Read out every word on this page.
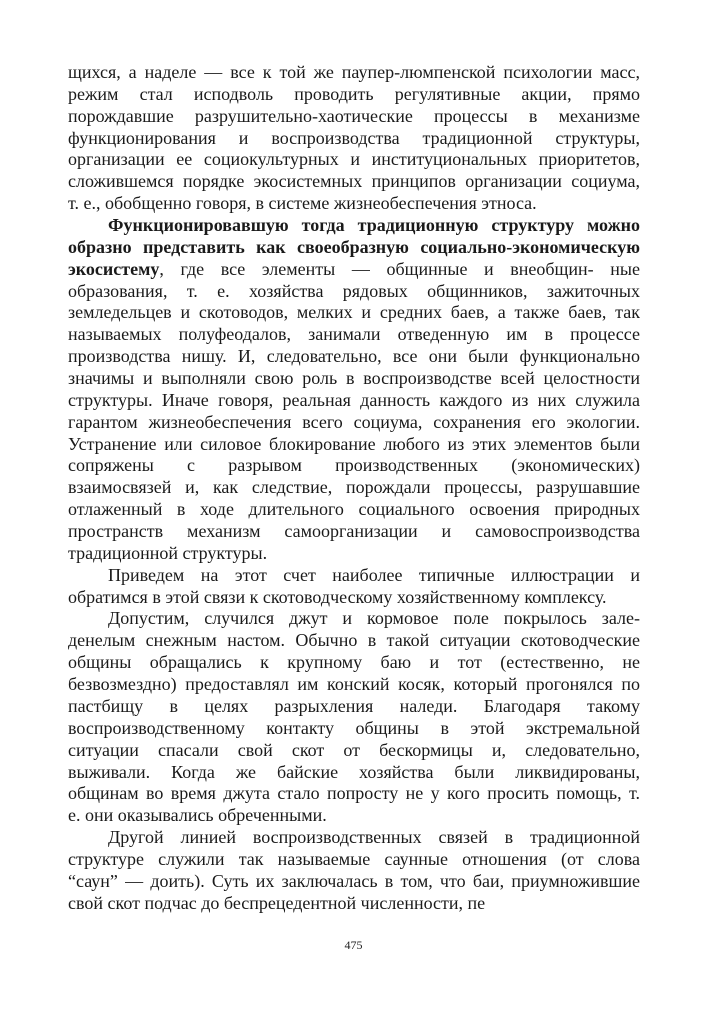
щихся, а наделе — все к той же паупер-люмпенской психологии масс,
режим стал исподволь проводить регулятивные акции, прямо
порождавшие разрушительно-хаотические процессы в механизме
функционирования и воспроизводства традиционной структуры,
организации ее социокультурных и институциональных приоритетов,
сложившемся порядке экосистемных принципов организации социума,
т. е., обобщенно говоря, в системе жизнеобеспечения этноса.
Функционировавшую тогда традиционную структуру можно
образно представить как своеобразную социально-экономическую
экосистему, где все элементы — общинные и внеобщин- ные
образования, т. е. хозяйства рядовых общинников, зажиточных
земледельцев и скотоводов, мелких и средних баев, а также баев, так
называемых полуфеодалов, занимали отведенную им в процессе
производства нишу. И, следовательно, все они были функционально
значимы и выполняли свою роль в воспроизводстве всей целостности
структуры. Иначе говоря, реальная данность каждого из них служила
гарантом жизнеобеспечения всего социума, сохранения его экологии.
Устранение или силовое блокирование любого из этих элементов были
сопряжены с разрывом производственных (экономических)
взаимосвязей и, как следствие, порождали процессы, разрушавшие
отлаженный в ходе длительного социального освоения природных
пространств механизм самоорганизации и самовоспроизводства
традиционной структуры.
Приведем на этот счет наиболее типичные иллюстрации и
обратимся в этой связи к скотоводческому хозяйственному комплексу.
Допустим, случился джут и кормовое поле покрылось зале-
денелым снежным настом. Обычно в такой ситуации скотоводческие
общины обращались к крупному баю и тот (естественно, не
безвозмездно) предоставлял им конский косяк, который прогонялся по
пастбищу в целях разрыхления наледи. Благодаря такому
воспроизводственному контакту общины в этой экстремальной
ситуации спасали свой скот от бескормицы и, следовательно,
выживали. Когда же байские хозяйства были ликвидированы,
общинам во время джута стало попросту не у кого просить помощь, т.
е. они оказывались обреченными.
Другой линией воспроизводственных связей в традиционной
структуре служили так называемые саунные отношения (от слова
“саун” — доить). Суть их заключалась в том, что баи, приумножившие
свой скот подчас до беспрецедентной численности, пе
475
